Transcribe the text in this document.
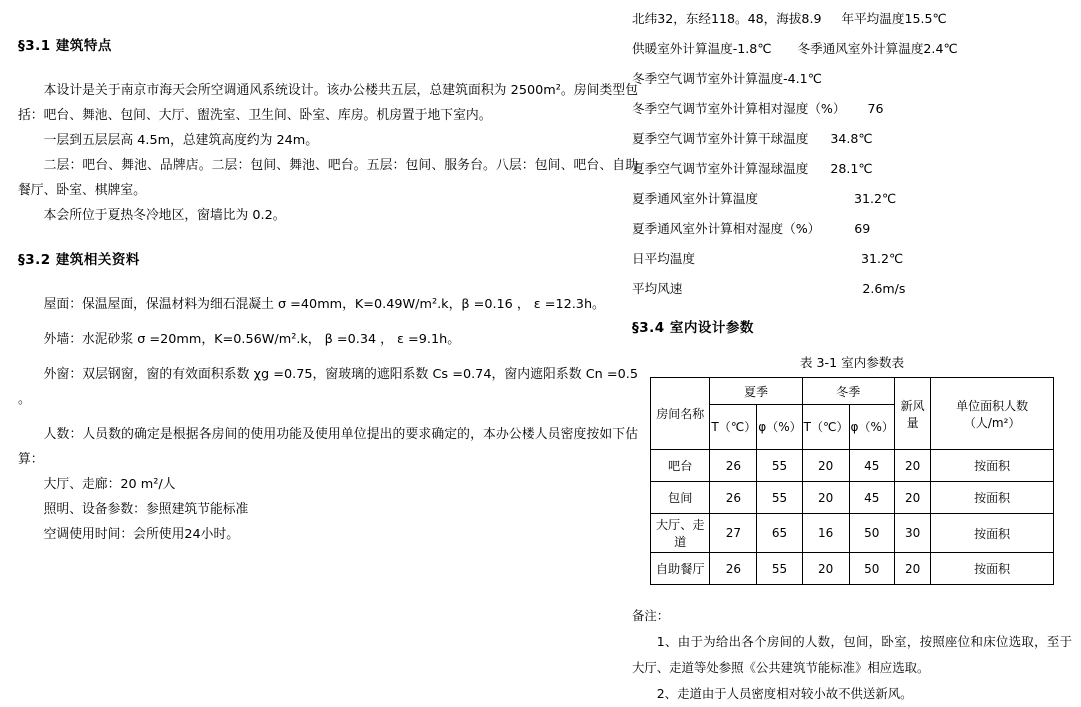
§3.1 建筑特点

本设计是关于南京市海天会所空调通风系统设计。该办公楼共五层，总建筑面积为 2500m²。房间类型包括：吧台、舞池、包间、大厅、盥洗室、卫生间、卧室、库房。机房置于地下室内。

一层到五层层高 4.5m，总建筑高度约为 24m。

二层：吧台、舞池、品牌店。二层：包间、舞池、吧台。五层：包间、服务台。八层：包间、吧台、自助餐厅、卧室、棋牌室。

本会所位于夏热冬冷地区，窗墙比为 0.2。

§3.2 建筑相关资料

屋面：保温屋面，保温材料为细石混凝土 σ =40mm，K=0.49W/m².k，β =0.16 ， ε =12.3h。

外墙：水泥砂浆 σ =20mm，K=0.56W/m².k， β =0.34 ， ε =9.1h。

外窗：双层钢窗，窗的有效面积系数 χg =0.75，窗玻璃的遮阳系数 Cs =0.74，窗内遮阳系数 Cn =0.5 。

人数：人员数的确定是根据各房间的使用功能及使用单位提出的要求确定的，本办公楼人员密度按如下估算：

大厅、走廊：20 m²/人

照明、设备参数：参照建筑节能标准

空调使用时间：会所使用24小时。

北纬32，东经118。48，海拔8.9 年平均温度15.5℃
供暖室外计算温度-1.8℃ 冬季通风室外计算温度2.4℃
冬季空气调节室外计算温度-4.1℃
冬季空气调节室外计算相对湿度（%） 76
夏季空气调节室外计算干球温度 34.8℃
夏季空气调节室外计算湿球温度 28.1℃
夏季通风室外计算温度	31.2℃
夏季通风室外计算相对湿度（%）	69
日平均温度	31.2℃
平均风速	2.6m/s
§3.4 室内设计参数
表 3-1 室内参数表
房间名称	夏季		冬季		新风量	单位面积人数（人/m²）
	T（℃）	φ（%）	T（℃）	φ（%）		
吧台	26	55	20	45	20	按面积
包间	26	55	20	45	20	按面积
大厅、走道	27	65	16	50	30	按面积
自助餐厅	26	55	20	50	20	按面积

备注：

1、由于为给出各个房间的人数，包间，卧室，按照座位和床位选取，至于大厅、走道等处参照《公共建筑节能标准》相应选取。

2、走道由于人员密度相对较小故不供送新风。
